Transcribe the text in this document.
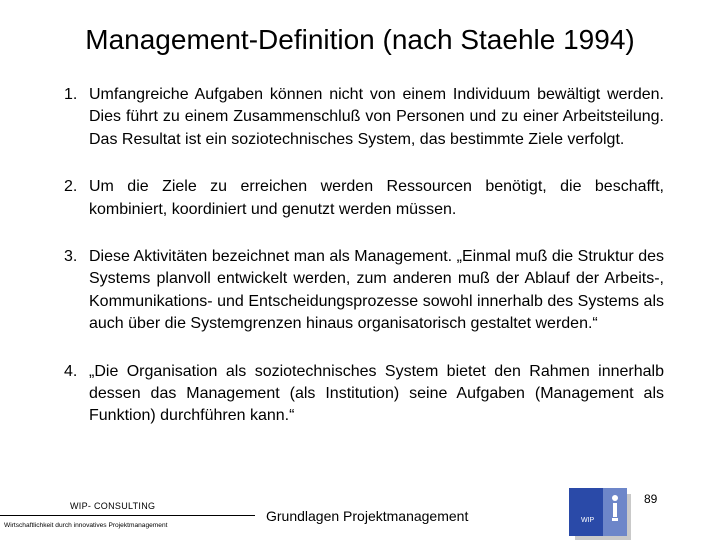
Management-Definition (nach Staehle 1994)
1. Umfangreiche Aufgaben können nicht von einem Individuum bewältigt werden. Dies führt zu einem Zusammenschluß von Personen und zu einer Arbeitsteilung. Das Resultat ist ein soziotechnisches System, das bestimmte Ziele verfolgt.
2. Um die Ziele zu erreichen werden Ressourcen benötigt, die beschafft, kombiniert, koordiniert und genutzt werden müssen.
3. Diese Aktivitäten bezeichnet man als Management. „Einmal muß die Struktur des Systems planvoll entwickelt werden, zum anderen muß der Ablauf der Arbeits-, Kommunikations- und Entscheidungsprozesse sowohl innerhalb des Systems als auch über die Systemgrenzen hinaus organisatorisch gestaltet werden.“
4. „Die Organisation als soziotechnisches System bietet den Rahmen innerhalb dessen das Management (als Institution) seine Aufgaben (Management als Funktion) durchführen kann.“
WIP- CONSULTING
Wirtschaftlichkeit durch innovatives Projektmanagement
Grundlagen Projektmanagement	WIP
89
